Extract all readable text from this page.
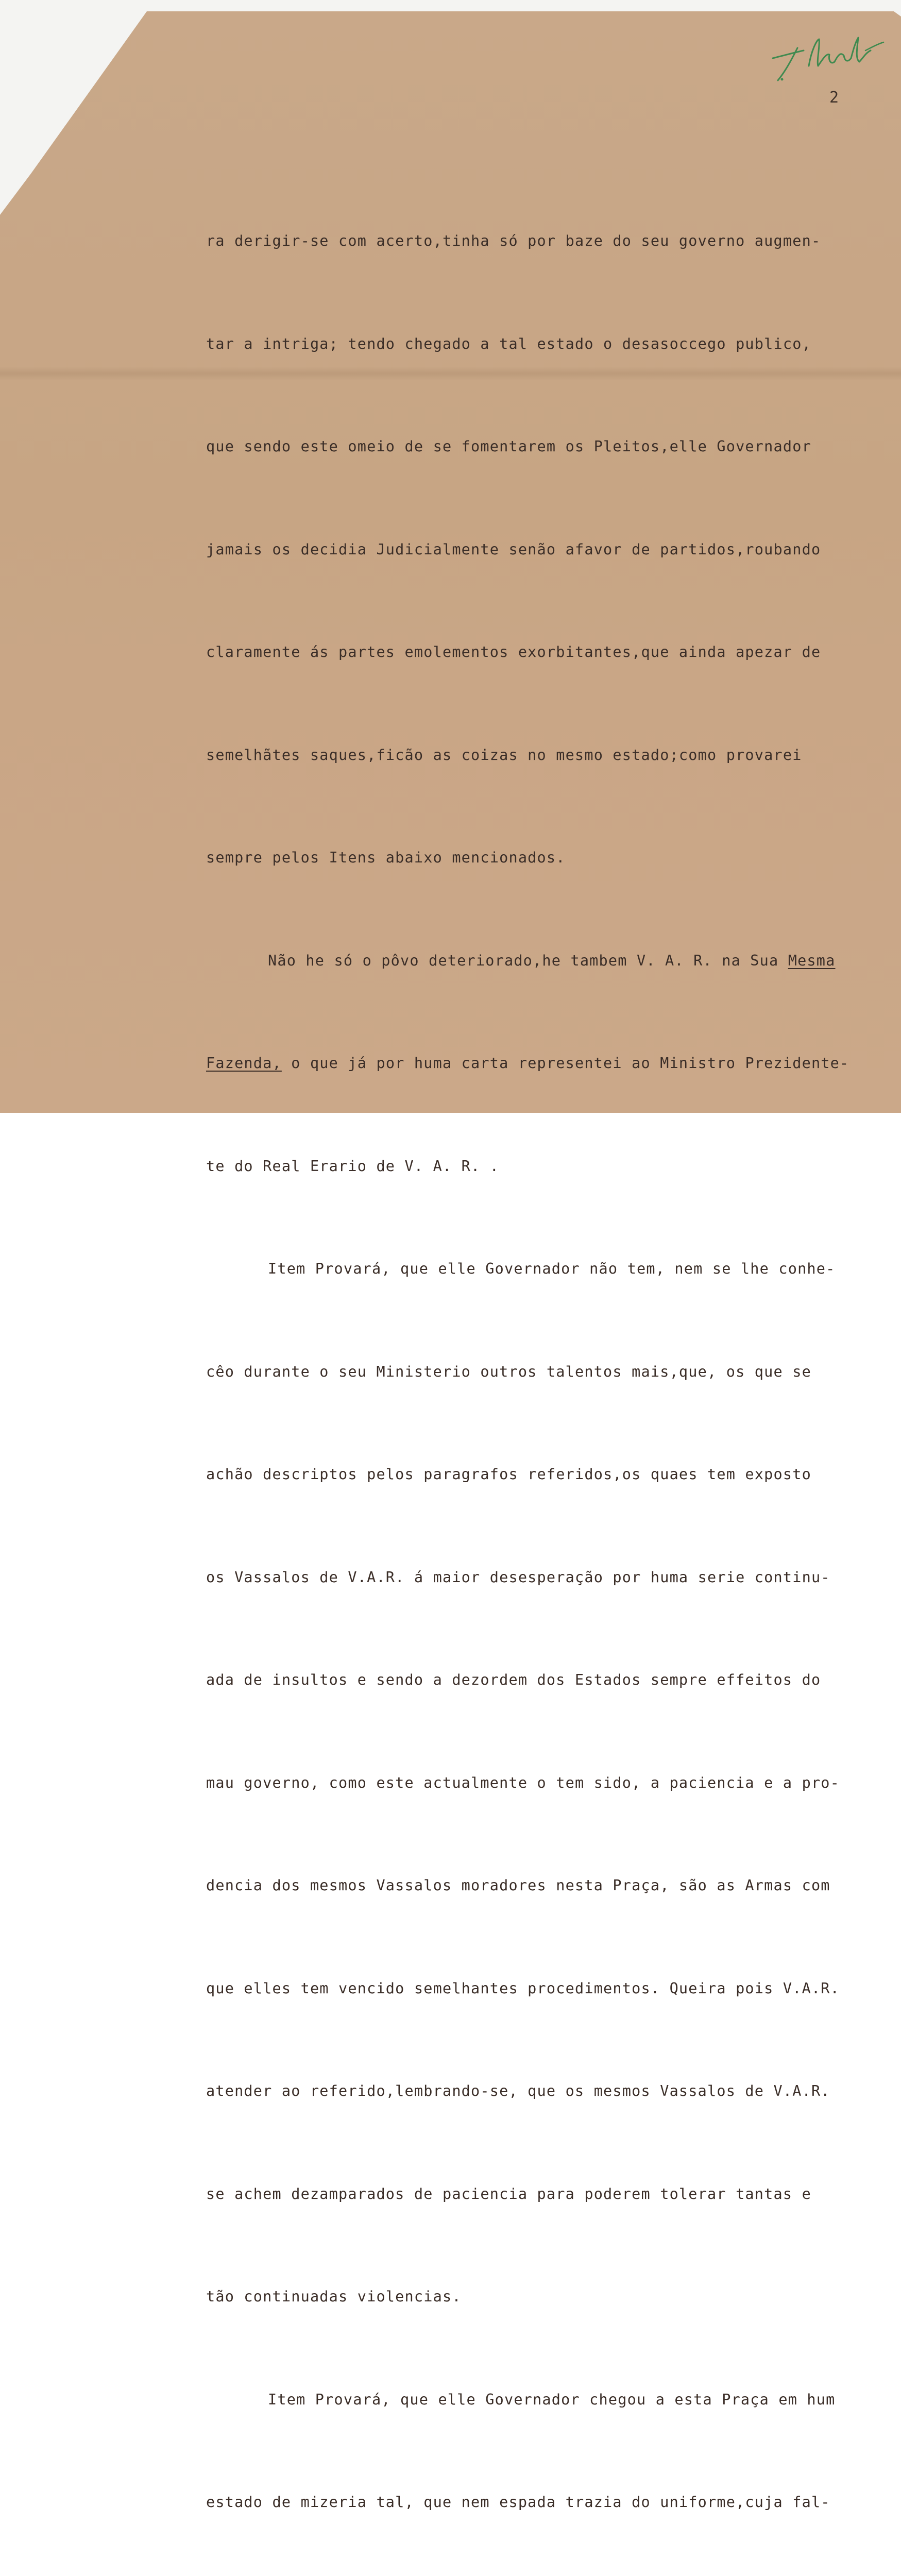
2

ra derigir-se com acerto,tinha só por baze do seu governo augmen-

tar a intriga; tendo chegado a tal estado o desasoccego publico,

que sendo este omeio de se fomentarem os Pleitos,elle Governador

jamais os decidia Judicialmente senão afavor de partidos,roubando

claramente ás partes emolementos exorbitantes,que ainda apezar de

semelhãtes saques,ficão as coizas no mesmo estado;como provarei

sempre pelos Itens abaixo mencionados.

Não he só o pôvo deteriorado,he tambem V. A. R. na Sua Mesma

Fazenda, o que já por huma carta representei ao Ministro Prezidente-

te do Real Erario de V. A. R. .

Item Provará, que elle Governador não tem, nem se lhe conhe-

cêo durante o seu Ministerio outros talentos mais,que, os que se

achão descriptos pelos paragrafos referidos,os quaes tem exposto

os Vassalos de V.A.R. á maior desesperação por huma serie continu-

ada de insultos e sendo a dezordem dos Estados sempre effeitos do

mau governo, como este actualmente o tem sido, a paciencia e a pro-

dencia dos mesmos Vassalos moradores nesta Praça, são as Armas com

que elles tem vencido semelhantes procedimentos. Queira pois V.A.R.

atender ao referido,lembrando-se, que os mesmos Vassalos de V.A.R.

se achem dezamparados de paciencia para poderem tolerar tantas e

tão continuadas violencias.

Item Provará, que elle Governador chegou a esta Praça em hum

estado de mizeria tal, que nem espada trazia do uniforme,cuja fal-
